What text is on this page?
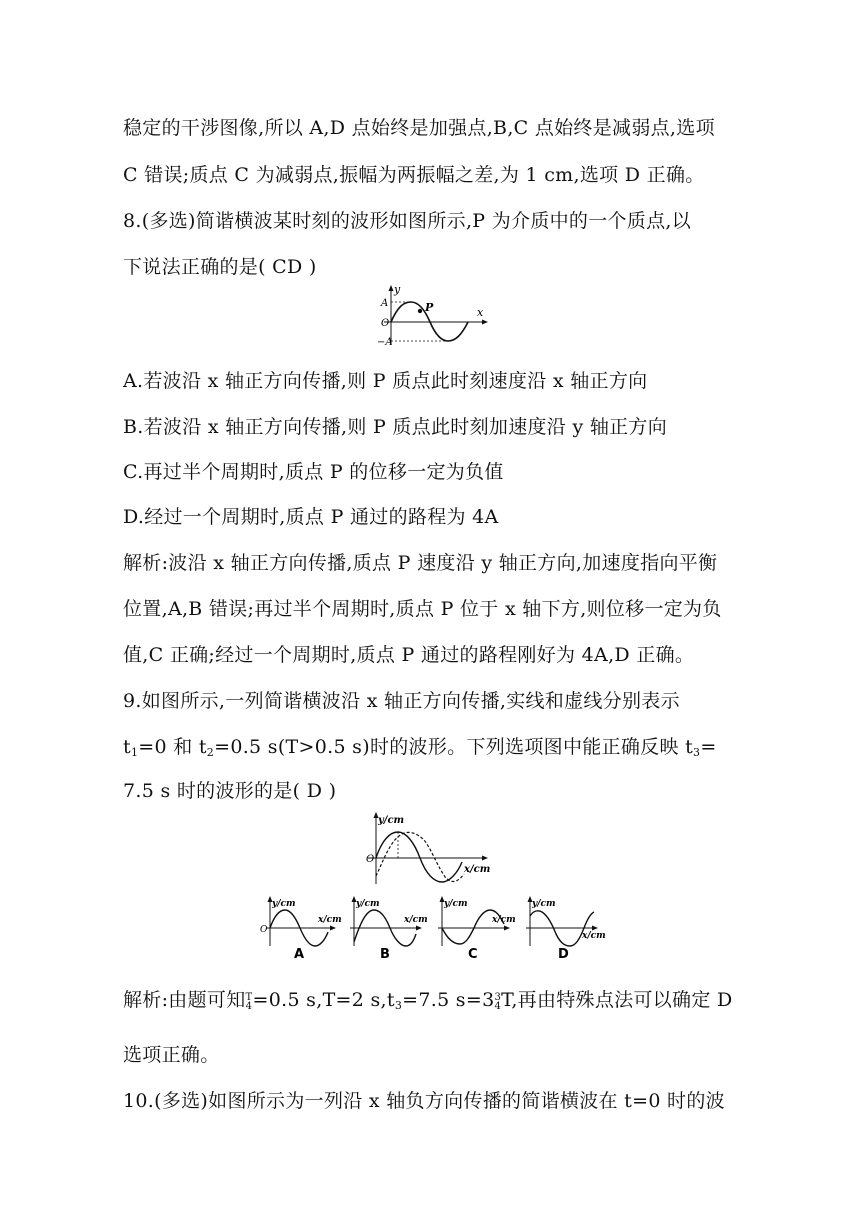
稳定的干涉图像,所以 A,D 点始终是加强点,B,C 点始终是减弱点,选项
C 错误;质点 C 为减弱点,振幅为两振幅之差,为 1 cm,选项 D 正确。
8.(多选)简谐横波某时刻的波形如图所示,P 为介质中的一个质点,以
下说法正确的是( CD )
y
A
O
−A
P	x
A.若波沿 x 轴正方向传播,则 P 质点此时刻速度沿 x 轴正方向
B.若波沿 x 轴正方向传播,则 P 质点此时刻加速度沿 y 轴正方向
C.再过半个周期时,质点 P 的位移一定为负值
D.经过一个周期时,质点 P 通过的路程为 4A
解析:波沿 x 轴正方向传播,质点 P 速度沿 y 轴正方向,加速度指向平衡
位置,A,B 错误;再过半个周期时,质点 P 位于 x 轴下方,则位移一定为负
值,C 正确;经过一个周期时,质点 P 通过的路程刚好为 4A,D 正确。
9.如图所示,一列简谐横波沿 x 轴正方向传播,实线和虚线分别表示
$t_1=0$ 和 $t_2=0.5$ s(T>0.5 s)时的波形。下列选项图中能正确反映 $t_3=$
7.5 s 时的波形的是( D )
y/cm
O
x/cm
y/cm
O
x/cm
A
y/cm
x/cm
B
y/cm
x/cm
C
y/cm
x/cm
D
解析:由题可知T
4=0.5 s,T=2 $s,t_3=7.5$ s=33
4T,再由特殊点法可以确定 D
选项正确。
10.(多选)如图所示为一列沿 x 轴负方向传播的简谐横波在 t=0 时的波
